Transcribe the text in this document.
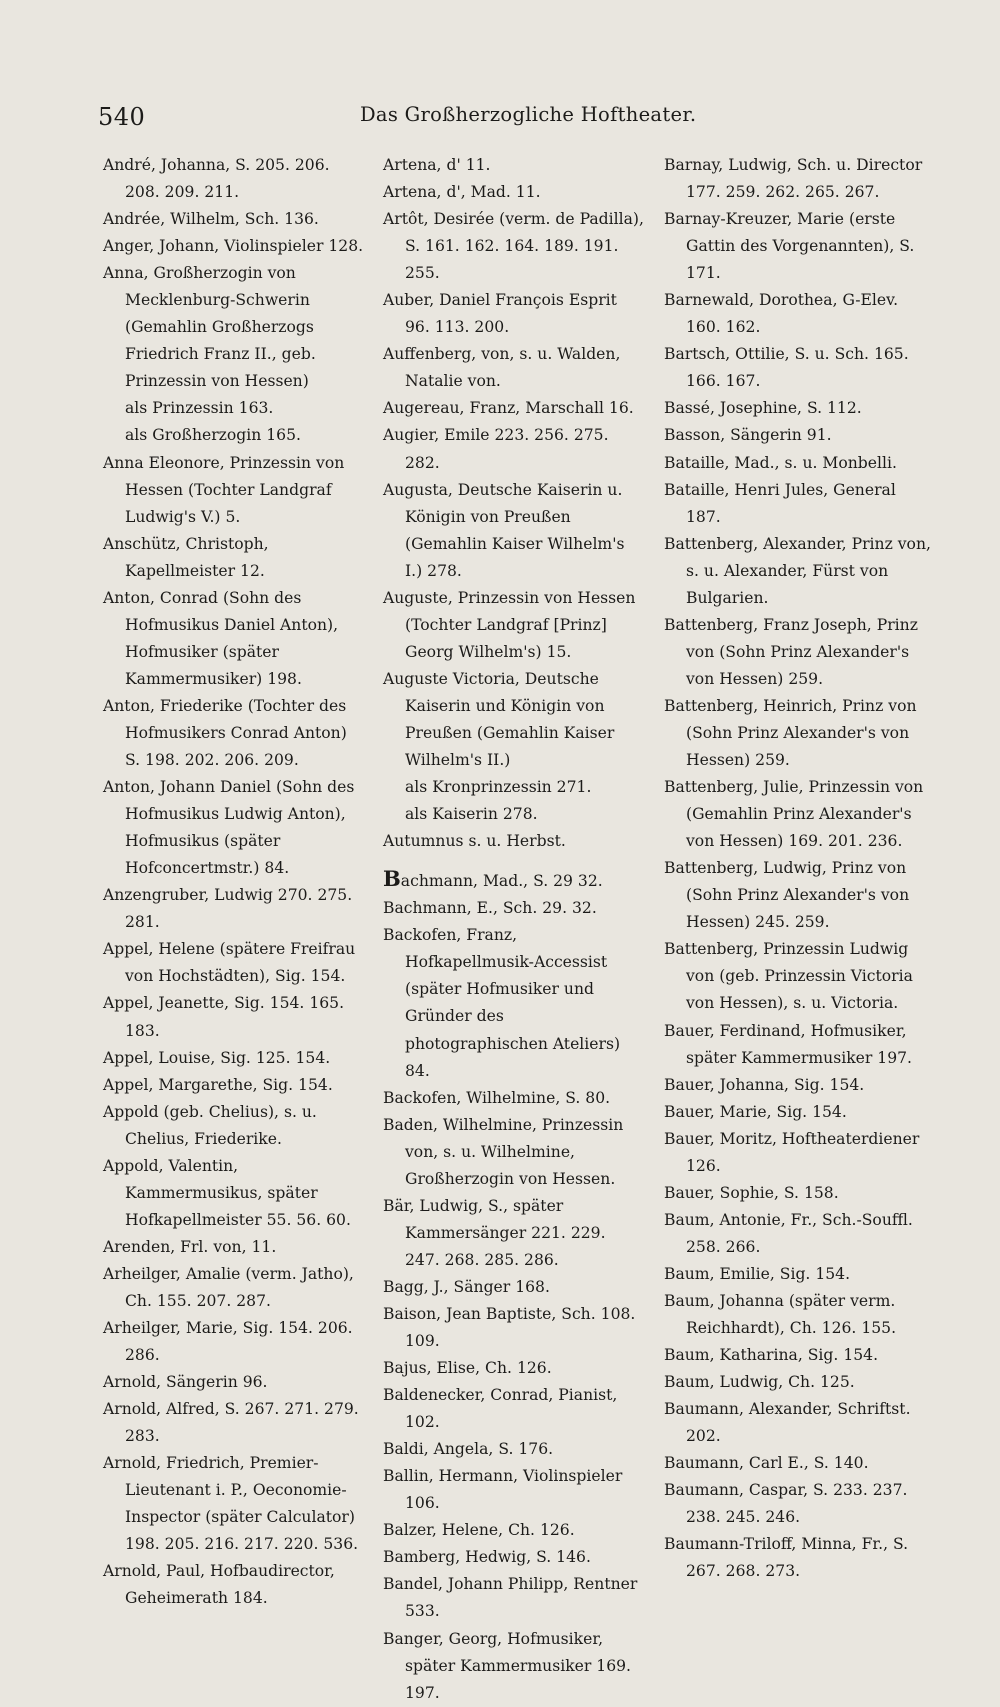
540	Das Großherzogliche Hoftheater.
André, Johanna, S. 205. 206. 208. 209. 211.
Andrée, Wilhelm, Sch. 136.
Anger, Johann, Violinspieler 128.
Anna, Großherzogin von Mecklenburg-Schwerin (Gemahlin Großherzogs Friedrich Franz II., geb. Prinzessin von Hessen)
als Prinzessin 163.
als Großherzogin 165.
Anna Eleonore, Prinzessin von Hessen (Tochter Landgraf Ludwig's V.) 5.
Anschütz, Christoph, Kapellmeister 12.
Anton, Conrad (Sohn des Hofmusikus Daniel Anton), Hofmusiker (später Kammermusiker) 198.
Anton, Friederike (Tochter des Hofmusikers Conrad Anton) S. 198. 202. 206. 209.
Anton, Johann Daniel (Sohn des Hofmusikus Ludwig Anton), Hofmusikus (später Hofconcertmstr.) 84.
Anzengruber, Ludwig 270. 275. 281.
Appel, Helene (spätere Freifrau von Hochstädten), Sig. 154.
Appel, Jeanette, Sig. 154. 165. 183.
Appel, Louise, Sig. 125. 154.
Appel, Margarethe, Sig. 154.
Appold (geb. Chelius), s. u. Chelius, Friederike.
Appold, Valentin, Kammermusikus, später Hofkapellmeister 55. 56. 60.
Arenden, Frl. von, 11.
Arheilger, Amalie (verm. Jatho), Ch. 155. 207. 287.
Arheilger, Marie, Sig. 154. 206. 286.
Arnold, Sängerin 96.
Arnold, Alfred, S. 267. 271. 279. 283.
Arnold, Friedrich, Premier-Lieutenant i. P., Oeconomie-Inspector (später Calculator) 198. 205. 216. 217. 220. 536.
Arnold, Paul, Hofbaudirector, Geheimerath 184.
Artena, d' 11.
Artena, d', Mad. 11.
Artôt, Desirée (verm. de Padilla), S. 161. 162. 164. 189. 191. 255.
Auber, Daniel François Esprit 96. 113. 200.
Auffenberg, von, s. u. Walden, Natalie von.
Augereau, Franz, Marschall 16.
Augier, Emile 223. 256. 275. 282.
Augusta, Deutsche Kaiserin u. Königin von Preußen (Gemahlin Kaiser Wilhelm's I.) 278.
Auguste, Prinzessin von Hessen (Tochter Landgraf [Prinz] Georg Wilhelm's) 15.
Auguste Victoria, Deutsche Kaiserin und Königin von Preußen (Gemahlin Kaiser Wilhelm's II.)
als Kronprinzessin 271.
als Kaiserin 278.
Autumnus s. u. Herbst.
Bachmann, Mad., S. 29 32.
Bachmann, E., Sch. 29. 32.
Backofen, Franz, Hofkapellmusik-Accessist (später Hofmusiker und Gründer des photographischen Ateliers) 84.
Backofen, Wilhelmine, S. 80.
Baden, Wilhelmine, Prinzessin von, s. u. Wilhelmine, Großherzogin von Hessen.
Bär, Ludwig, S., später Kammersänger 221. 229. 247. 268. 285. 286.
Bagg, J., Sänger 168.
Baison, Jean Baptiste, Sch. 108. 109.
Bajus, Elise, Ch. 126.
Baldenecker, Conrad, Pianist, 102.
Baldi, Angela, S. 176.
Ballin, Hermann, Violinspieler 106.
Balzer, Helene, Ch. 126.
Bamberg, Hedwig, S. 146.
Bandel, Johann Philipp, Rentner 533.
Banger, Georg, Hofmusiker, später Kammermusiker 169. 197.
Barnay, Ludwig, Sch. u. Director 177. 259. 262. 265. 267.
Barnay-Kreuzer, Marie (erste Gattin des Vorgenannten), S. 171.
Barnewald, Dorothea, G-Elev. 160. 162.
Bartsch, Ottilie, S. u. Sch. 165. 166. 167.
Bassé, Josephine, S. 112.
Basson, Sängerin 91.
Bataille, Mad., s. u. Monbelli.
Bataille, Henri Jules, General 187.
Battenberg, Alexander, Prinz von, s. u. Alexander, Fürst von Bulgarien.
Battenberg, Franz Joseph, Prinz von (Sohn Prinz Alexander's von Hessen) 259.
Battenberg, Heinrich, Prinz von (Sohn Prinz Alexander's von Hessen) 259.
Battenberg, Julie, Prinzessin von (Gemahlin Prinz Alexander's von Hessen) 169. 201. 236.
Battenberg, Ludwig, Prinz von (Sohn Prinz Alexander's von Hessen) 245. 259.
Battenberg, Prinzessin Ludwig von (geb. Prinzessin Victoria von Hessen), s. u. Victoria.
Bauer, Ferdinand, Hofmusiker, später Kammermusiker 197.
Bauer, Johanna, Sig. 154.
Bauer, Marie, Sig. 154.
Bauer, Moritz, Hoftheaterdiener 126.
Bauer, Sophie, S. 158.
Baum, Antonie, Fr., Sch.-Souffl. 258. 266.
Baum, Emilie, Sig. 154.
Baum, Johanna (später verm. Reichhardt), Ch. 126. 155.
Baum, Katharina, Sig. 154.
Baum, Ludwig, Ch. 125.
Baumann, Alexander, Schriftst. 202.
Baumann, Carl E., S. 140.
Baumann, Caspar, S. 233. 237. 238. 245. 246.
Baumann-Triloff, Minna, Fr., S. 267. 268. 273.
